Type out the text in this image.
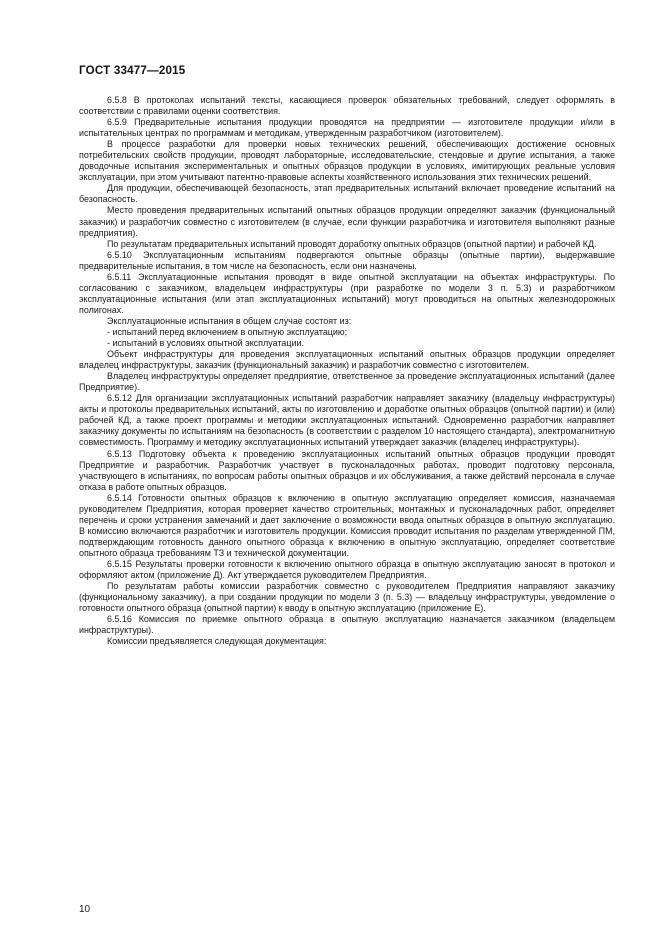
ГОСТ 33477—2015

6.5.8 В протоколах испытаний тексты, касающиеся проверок обязательных требований, следует оформлять в соответствии с правилами оценки соответствия.

6.5.9 Предварительные испытания продукции проводятся на предприятии — изготовителе продукции и/или в испытательных центрах по программам и методикам, утвержденным разработчиком (изготовителем).

В процессе разработки для проверки новых технических решений, обеспечивающих достижение основных потребительских свойств продукции, проводят лабораторные, исследовательские, стендовые и другие испытания, а также доводочные испытания экспериментальных и опытных образцов продукции в условиях, имитирующих реальные условия эксплуатации, при этом учитывают патентно-правовые аспекты хозяйственного использования этих технических решений.

Для продукции, обеспечивающей безопасность, этап предварительных испытаний включает проведение испытаний на безопасность.

Место проведения предварительных испытаний опытных образцов продукции определяют заказчик (функциональный заказчик) и разработчик совместно с изготовителем (в случае, если функции разработчика и изготовителя выполняют разные предприятия).

По результатам предварительных испытаний проводят доработку опытных образцов (опытной партии) и рабочей КД.

6.5.10 Эксплуатационным испытаниям подвергаются опытные образцы (опытные партии), выдержавшие предварительные испытания, в том числе на безопасность, если они назначены.

6.5.11 Эксплуатационные испытания проводят в виде опытной эксплуатации на объектах инфраструктуры. По согласованию с заказчиком, владельцем инфраструктуры (при разработке по модели 3 п. 5.3) и разработчиком эксплуатационные испытания (или этап эксплуатационных испытаний) могут проводиться на опытных железнодорожных полигонах.

Эксплуатационные испытания в общем случае состоят из:

- испытаний перед включением в опытную эксплуатацию;

- испытаний в условиях опытной эксплуатации.

Объект инфраструктуры для проведения эксплуатационных испытаний опытных образцов продукции определяет владелец инфраструктуры, заказчик (функциональный заказчик) и разработчик совместно с изготовителем.

Владелец инфраструктуры определяет предприятие, ответственное за проведение эксплуатационных испытаний (далее Предприятие).

6.5.12 Для организации эксплуатационных испытаний разработчик направляет заказчику (владельцу инфраструктуры) акты и протоколы предварительных испытаний, акты по изготовлению и доработке опытных образцов (опытной партии) и (или) рабочей КД, а также проект программы и методики эксплуатационных испытаний. Одновременно разработчик направляет заказчику документы по испытаниям на безопасность (в соответствии с разделом 10 настоящего стандарта), электромагнитную совместимость. Программу и методику эксплуатационных испытаний утверждает заказчик (владелец инфраструктуры).

6.5.13 Подготовку объекта к проведению эксплуатационных испытаний опытных образцов продукции проводят Предприятие и разработчик. Разработчик участвует в пусконаладочных работах, проводит подготовку персонала, участвующего в испытаниях, по вопросам работы опытных образцов и их обслуживания, а также действий персонала в случае отказа в работе опытных образцов.

6.5.14 Готовности опытных образцов к включению в опытную эксплуатацию определяет комиссия, назначаемая руководителем Предприятия, которая проверяет качество строительных, монтажных и пусконаладочных работ, определяет перечень и сроки устранения замечаний и дает заключение о возможности ввода опытных образцов в опытную эксплуатацию. В комиссию включаются разработчик и изготовитель продукции. Комиссия проводит испытания по разделам утвержденной ПМ, подтверждающим готовность данного опытного образца к включению в опытную эксплуатацию, определяет соответствие опытного образца требованиям ТЗ и технической документации.

6.5.15 Результаты проверки готовности к включению опытного образца в опытную эксплуатацию заносят в протокол и оформляют актом (приложение Д). Акт утверждается руководителем Предприятия.

По результатам работы комиссии разработчик совместно с руководителем Предприятия направляют заказчику (функциональному заказчику), а при создании продукции по модели 3 (п. 5.3) — владельцу инфраструктуры, уведомление о готовности опытного образца (опытной партии) к вводу в опытную эксплуатацию (приложение Е).

6.5.16 Комиссия по приемке опытного образца в опытную эксплуатацию назначается заказчиком (владельцем инфраструктуры).

Комиссии предъявляется следующая документация:

10
